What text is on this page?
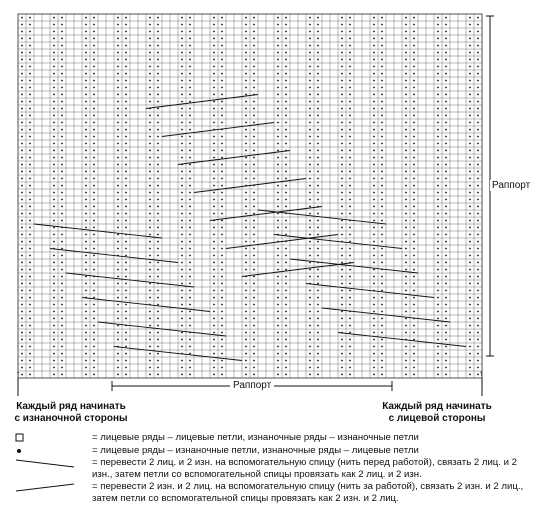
↑	↑
Раппорт
Раппорт
Каждый ряд начинать
с изнаночной стороны
Каждый ряд начинать
с лицевой стороны
= лицевые ряды – лицевые петли, изнаночные ряды – изнаночные петли
= лицевые ряды – изнаночные петли, изнаночные ряды – лицевые петли
= перевести 2 лиц. и 2 изн. на вспомогательную спицу (нить перед работой), связать 2 лиц. и 2 изн., затем петли со вспомогательной спицы провязать как 2 лиц. и 2 изн.
= перевести 2 изн. и 2 лиц. на вспомогательную спицу (нить за работой), связать 2 изн. и 2 лиц., затем петли со вспомогательной спицы провязать как 2 изн. и 2 лиц.
